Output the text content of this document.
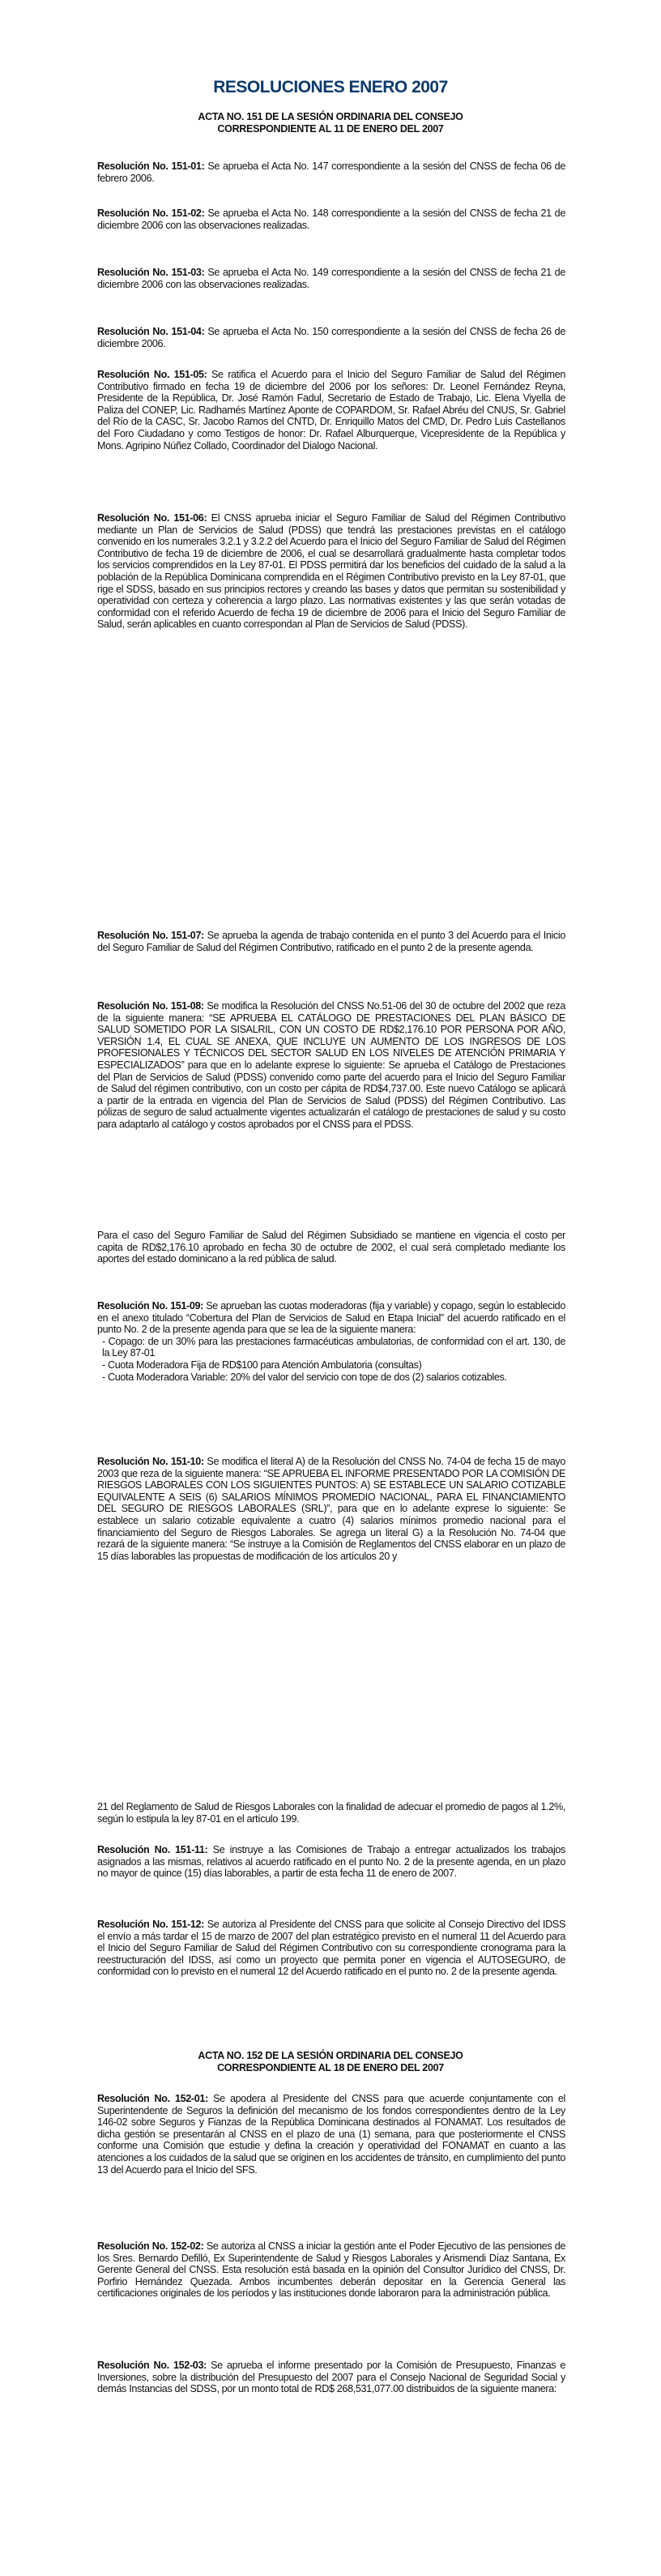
RESOLUCIONES ENERO 2007
ACTA NO. 151 DE LA SESIÓN ORDINARIA DEL CONSEJO
CORRESPONDIENTE AL 11 DE ENERO DEL 2007

Resolución No. 151-01: Se aprueba el Acta No. 147 correspondiente a la sesión del CNSS de fecha 06 de febrero 2006.

Resolución No. 151-02: Se aprueba el Acta No. 148 correspondiente a la sesión del CNSS de fecha 21 de diciembre 2006 con las observaciones realizadas.

Resolución No. 151-03: Se aprueba el Acta No. 149 correspondiente a la sesión del CNSS de fecha 21 de diciembre 2006 con las observaciones realizadas.

Resolución No. 151-04: Se aprueba el Acta No. 150 correspondiente a la sesión del CNSS de fecha 26 de diciembre 2006.

Resolución No. 151-05: Se ratifica el Acuerdo para el Inicio del Seguro Familiar de Salud del Régimen Contributivo firmado en fecha 19 de diciembre del 2006 por los señores: Dr. Leonel Fernández Reyna, Presidente de la República, Dr. José Ramón Fadul, Secretario de Estado de Trabajo, Lic. Elena Viyella de Paliza del CONEP, Lic. Radhamés Martínez Aponte de COPARDOM, Sr. Rafael Abréu del CNUS, Sr. Gabriel del Río de la CASC, Sr. Jacobo Ramos del CNTD, Dr. Enriquillo Matos del CMD, Dr. Pedro Luis Castellanos del Foro Ciudadano y como Testigos de honor: Dr. Rafael Alburquerque, Vicepresidente de la República y Mons. Agripino Núñez Collado, Coordinador del Dialogo Nacional.

Resolución No. 151-06: El CNSS aprueba iniciar el Seguro Familiar de Salud del Régimen Contributivo mediante un Plan de Servicios de Salud (PDSS) que tendrá las prestaciones previstas en el catálogo convenido en los numerales 3.2.1 y 3.2.2 del Acuerdo para el Inicio del Seguro Familiar de Salud del Régimen Contributivo de fecha 19 de diciembre de 2006, el cual se desarrollará gradualmente hasta completar todos los servicios comprendidos en la Ley 87-01. El PDSS permitirá dar los beneficios del cuidado de la salud a la población de la República Dominicana comprendida en el Régimen Contributivo previsto en la Ley 87-01, que rige el SDSS, basado en sus principios rectores y creando las bases y datos que permitan su sostenibilidad y operatividad con certeza y coherencia a largo plazo. Las normativas existentes y las que serán votadas de conformidad con el referido Acuerdo de fecha 19 de diciembre de 2006 para el Inicio del Seguro Familiar de Salud, serán aplicables en cuanto correspondan al Plan de Servicios de Salud (PDSS).

Resolución No. 151-07: Se aprueba la agenda de trabajo contenida en el punto 3 del Acuerdo para el Inicio del Seguro Familiar de Salud del Régimen Contributivo, ratificado en el punto 2 de la presente agenda.

Resolución No. 151-08: Se modifica la Resolución del CNSS No.51-06 del 30 de octubre del 2002 que reza de la siguiente manera: “SE APRUEBA EL CATÁLOGO DE PRESTACIONES DEL PLAN BÁSICO DE SALUD SOMETIDO POR LA SISALRIL, CON UN COSTO DE RD$2,176.10 POR PERSONA POR AÑO, VERSIÓN 1.4, EL CUAL SE ANEXA, QUE INCLUYE UN AUMENTO DE LOS INGRESOS DE LOS PROFESIONALES Y TÉCNICOS DEL SECTOR SALUD EN LOS NIVELES DE ATENCIÓN PRIMARIA Y ESPECIALIZADOS” para que en lo adelante exprese lo siguiente: Se aprueba el Catálogo de Prestaciones del Plan de Servicios de Salud (PDSS) convenido como parte del acuerdo para el Inicio del Seguro Familiar de Salud del régimen contributivo, con un costo per cápita de RD$4,737.00. Este nuevo Catálogo se aplicará a partir de la entrada en vigencia del Plan de Servicios de Salud (PDSS) del Régimen Contributivo. Las pólizas de seguro de salud actualmente vigentes actualizarán el catálogo de prestaciones de salud y su costo para adaptarlo al catálogo y costos aprobados por el CNSS para el PDSS.

Para el caso del Seguro Familiar de Salud del Régimen Subsidiado se mantiene en vigencia el costo per capita de RD$2,176.10 aprobado en fecha 30 de octubre de 2002, el cual será completado mediante los aportes del estado dominicano a la red pública de salud.

Resolución No. 151-09: Se aprueban las cuotas moderadoras (fija y variable) y copago, según lo establecido en el anexo titulado “Cobertura del Plan de Servicios de Salud en Etapa Inicial” del acuerdo ratificado en el punto No. 2 de la presente agenda para que se lea de la siguiente manera:
- Copago: de un 30% para las prestaciones farmacéuticas ambulatorias, de conformidad con el art. 130, de la Ley 87-01
- Cuota Moderadora Fija de RD$100 para Atención Ambulatoria (consultas)
- Cuota Moderadora Variable: 20% del valor del servicio con tope de dos (2) salarios cotizables.

Resolución No. 151-10: Se modifica el literal A) de la Resolución del CNSS No. 74-04 de fecha 15 de mayo 2003 que reza de la siguiente manera: “SE APRUEBA EL INFORME PRESENTADO POR LA COMISIÓN DE RIESGOS LABORALES CON LOS SIGUIENTES PUNTOS: A) SE ESTABLECE UN SALARIO COTIZABLE EQUIVALENTE A SEIS (6) SALARIOS MÍNIMOS PROMEDIO NACIONAL, PARA EL FINANCIAMIENTO DEL SEGURO DE RIESGOS LABORALES (SRL)”, para que en lo adelante exprese lo siguiente: Se establece un salario cotizable equivalente a cuatro (4) salarios mínimos promedio nacional para el financiamiento del Seguro de Riesgos Laborales. Se agrega un literal G) a la Resolución No. 74-04 que rezará de la siguiente manera: “Se instruye a la Comisión de Reglamentos del CNSS elaborar en un plazo de 15 días laborables las propuestas de modificación de los artículos 20 y

21 del Reglamento de Salud de Riesgos Laborales con la finalidad de adecuar el promedio de pagos al 1.2%, según lo estipula la ley 87-01 en el artículo 199.

Resolución No. 151-11: Se instruye a las Comisiones de Trabajo a entregar actualizados los trabajos asignados a las mismas, relativos al acuerdo ratificado en el punto No. 2 de la presente agenda, en un plazo no mayor de quince (15) días laborables, a partir de esta fecha 11 de enero de 2007.

Resolución No. 151-12: Se autoriza al Presidente del CNSS para que solicite al Consejo Directivo del IDSS el envío a más tardar el 15 de marzo de 2007 del plan estratégico previsto en el numeral 11 del Acuerdo para el Inicio del Seguro Familiar de Salud del Régimen Contributivo con su correspondiente cronograma para la reestructuración del IDSS, así como un proyecto que permita poner en vigencia el AUTOSEGURO, de conformidad con lo previsto en el numeral 12 del Acuerdo ratificado en el punto no. 2 de la presente agenda.

ACTA NO. 152 DE LA SESIÓN ORDINARIA DEL CONSEJO
CORRESPONDIENTE AL 18 DE ENERO DEL 2007

Resolución No. 152-01: Se apodera al Presidente del CNSS para que acuerde conjuntamente con el Superintendente de Seguros la definición del mecanismo de los fondos correspondientes dentro de la Ley 146-02 sobre Seguros y Fianzas de la República Dominicana destinados al FONAMAT. Los resultados de dicha gestión se presentarán al CNSS en el plazo de una (1) semana, para que posteriormente el CNSS conforme una Comisión que estudie y defina la creación y operatividad del FONAMAT en cuanto a las atenciones a los cuidados de la salud que se originen en los accidentes de tránsito, en cumplimiento del punto 13 del Acuerdo para el Inicio del SFS.

Resolución No. 152-02: Se autoriza al CNSS a iniciar la gestión ante el Poder Ejecutivo de las pensiones de los Sres. Bernardo Defilló, Ex Superintendente de Salud y Riesgos Laborales y Arismendi Díaz Santana, Ex Gerente General del CNSS. Esta resolución está basada en la opinión del Consultor Jurídico del CNSS, Dr. Porfirio Hernández Quezada. Ambos incumbentes deberán depositar en la Gerencia General las certificaciones originales de los períodos y las instituciones donde laboraron para la administración pública.

Resolución No. 152-03: Se aprueba el informe presentado por la Comisión de Presupuesto, Finanzas e Inversiones, sobre la distribución del Presupuesto del 2007 para el Consejo Nacional de Seguridad Social y demás Instancias del SDSS, por un monto total de RD$ 268,531,077.00 distribuidos de la siguiente manera:
